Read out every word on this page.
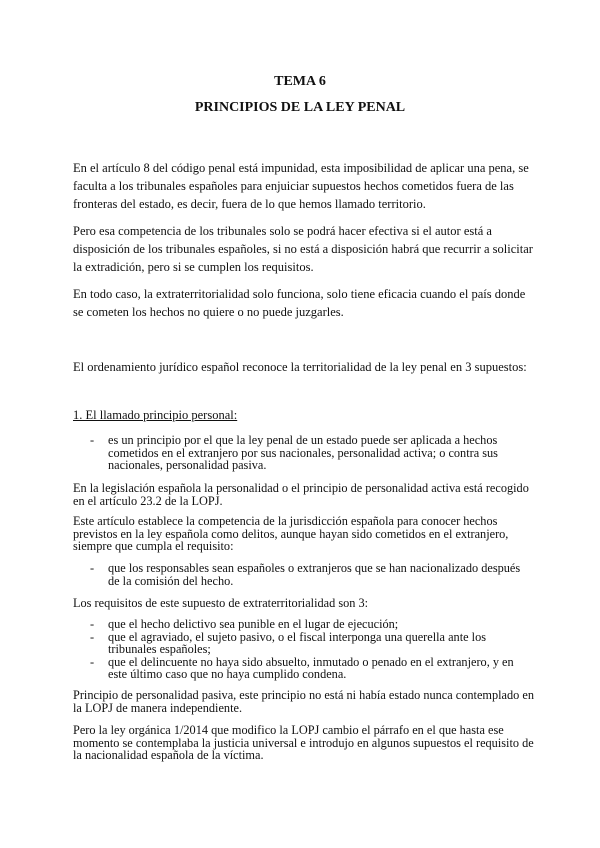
TEMA 6
PRINCIPIOS DE LA LEY PENAL

En el artículo 8 del código penal está impunidad, esta imposibilidad de aplicar una pena, se faculta a los tribunales españoles para enjuiciar supuestos hechos cometidos fuera de las fronteras del estado, es decir, fuera de lo que hemos llamado territorio.

Pero esa competencia de los tribunales solo se podrá hacer efectiva si el autor está a disposición de los tribunales españoles, si no está a disposición habrá que recurrir a solicitar la extradición, pero si se cumplen los requisitos.

En todo caso, la extraterritorialidad solo funciona, solo tiene eficacia cuando el país donde se cometen los hechos no quiere o no puede juzgarles.

El ordenamiento jurídico español reconoce la territorialidad de la ley penal en 3 supuestos:

1. El llamado principio personal:

- es un principio por el que la ley penal de un estado puede ser aplicada a hechos cometidos en el extranjero por sus nacionales, personalidad activa; o contra sus nacionales, personalidad pasiva.

En la legislación española la personalidad o el principio de personalidad activa está recogido en el artículo 23.2 de la LOPJ.

Este artículo establece la competencia de la jurisdicción española para conocer hechos previstos en la ley española como delitos, aunque hayan sido cometidos en el extranjero, siempre que cumpla el requisito:

- que los responsables sean españoles o extranjeros que se han nacionalizado después de la comisión del hecho.

Los requisitos de este supuesto de extraterritorialidad son 3:

- que el hecho delictivo sea punible en el lugar de ejecución;
- que el agraviado, el sujeto pasivo, o el fiscal interponga una querella ante los tribunales españoles;
- que el delincuente no haya sido absuelto, inmutado o penado en el extranjero, y en este último caso que no haya cumplido condena.

Principio de personalidad pasiva, este principio no está ni había estado nunca contemplado en la LOPJ de manera independiente.

Pero la ley orgánica 1/2014 que modifico la LOPJ cambio el párrafo en el que hasta ese momento se contemplaba la justicia universal e introdujo en algunos supuestos el requisito de la nacionalidad española de la víctima.
